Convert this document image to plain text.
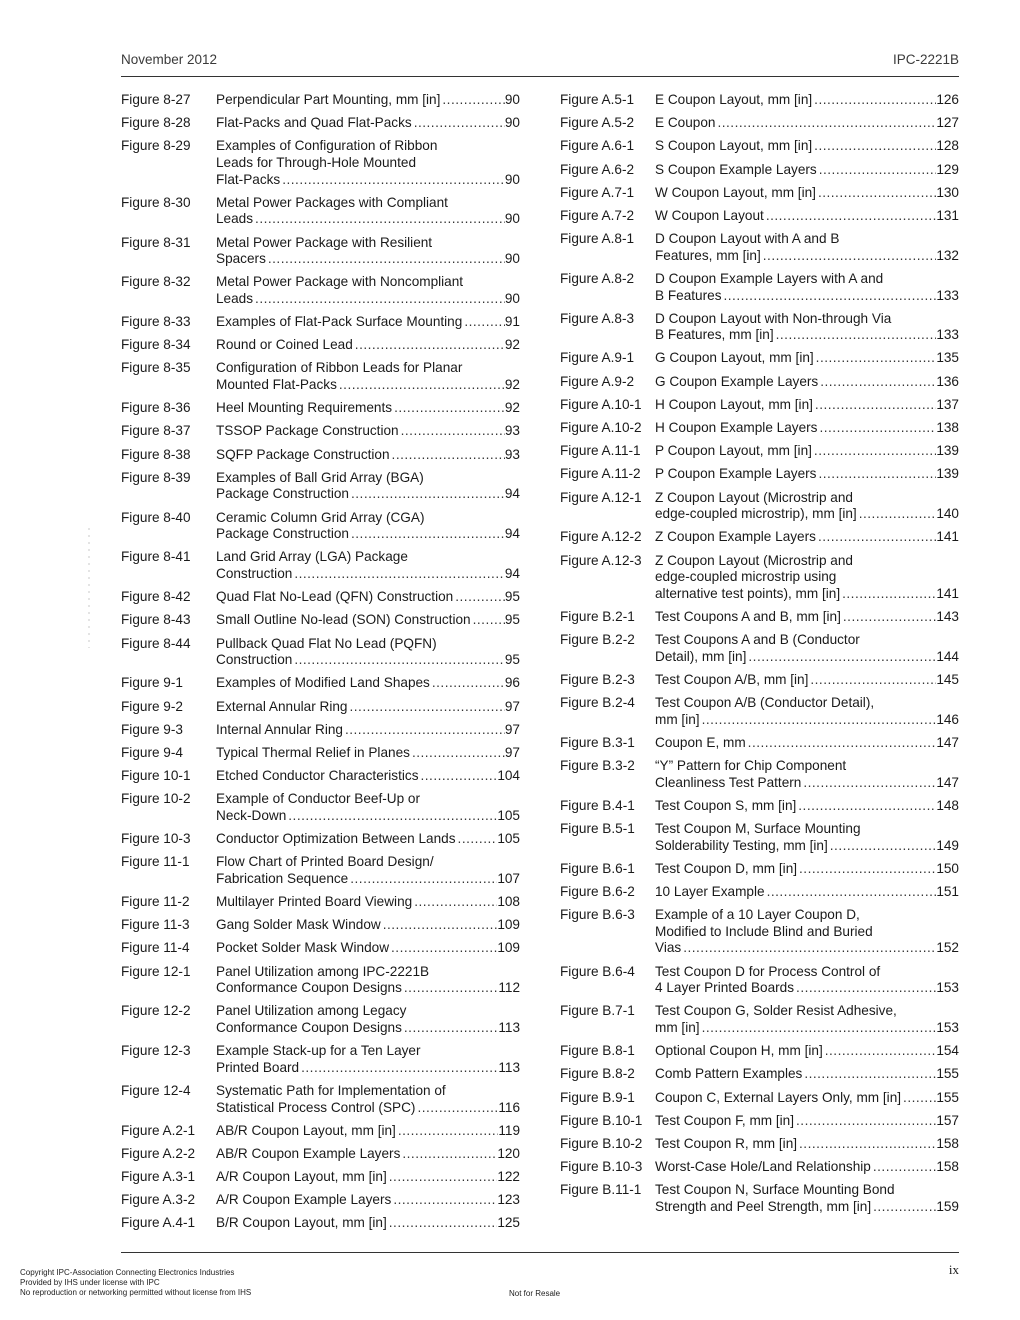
November 2012	IPC-2221B
Figure 8-27	Perpendicular Part Mounting, mm [in] .....	90
Figure 8-28	Flat-Packs and Quad Flat-Packs .....	90
Figure 8-29	Examples of Configuration of Ribbon
Leads for Through-Hole Mounted
Flat-Packs .....	90
Figure 8-30	Metal Power Packages with Compliant
Leads .....	90
Figure 8-31	Metal Power Package with Resilient
Spacers .....	90
Figure 8-32	Metal Power Package with Noncompliant
Leads .....	90
Figure 8-33	Examples of Flat-Pack Surface Mounting .....	91
Figure 8-34	Round or Coined Lead .....	92
Figure 8-35	Configuration of Ribbon Leads for Planar
Mounted Flat-Packs .....	92
Figure 8-36	Heel Mounting Requirements .....	92
Figure 8-37	TSSOP Package Construction .....	93
Figure 8-38	SQFP Package Construction .....	93
Figure 8-39	Examples of Ball Grid Array (BGA)
Package Construction .....	94
Figure 8-40	Ceramic Column Grid Array (CGA)
Package Construction .....	94
Figure 8-41	Land Grid Array (LGA) Package
Construction .....	94
Figure 8-42	Quad Flat No-Lead (QFN) Construction .....	95
Figure 8-43	Small Outline No-lead (SON) Construction .....	95
Figure 8-44	Pullback Quad Flat No Lead (PQFN)
Construction .....	95
Figure 9-1	Examples of Modified Land Shapes .....	96
Figure 9-2	External Annular Ring .....	97
Figure 9-3	Internal Annular Ring .....	97
Figure 9-4	Typical Thermal Relief in Planes .....	97
Figure 10-1	Etched Conductor Characteristics .....	104
Figure 10-2	Example of Conductor Beef-Up or
Neck-Down .....	105
Figure 10-3	Conductor Optimization Between Lands .....	105
Figure 11-1	Flow Chart of Printed Board Design/
Fabrication Sequence .....	107
Figure 11-2	Multilayer Printed Board Viewing .....	108
Figure 11-3	Gang Solder Mask Window .....	109
Figure 11-4	Pocket Solder Mask Window .....	109
Figure 12-1	Panel Utilization among IPC-2221B
Conformance Coupon Designs .....	112
Figure 12-2	Panel Utilization among Legacy
Conformance Coupon Designs .....	113
Figure 12-3	Example Stack-up for a Ten Layer
Printed Board .....	113
Figure 12-4	Systematic Path for Implementation of
Statistical Process Control (SPC) .....	116
Figure A.2-1	AB/R Coupon Layout, mm [in] .....	119
Figure A.2-2	AB/R Coupon Example Layers .....	120
Figure A.3-1	A/R Coupon Layout, mm [in] .....	122
Figure A.3-2	A/R Coupon Example Layers .....	123
Figure A.4-1	B/R Coupon Layout, mm [in] .....	125
Figure A.5-1	E Coupon Layout, mm [in] .....	126
Figure A.5-2	E Coupon .....	127
Figure A.6-1	S Coupon Layout, mm [in] .....	128
Figure A.6-2	S Coupon Example Layers .....	129
Figure A.7-1	W Coupon Layout, mm [in] .....	130
Figure A.7-2	W Coupon Layout .....	131
Figure A.8-1	D Coupon Layout with A and B
Features, mm [in] .....	132
Figure A.8-2	D Coupon Example Layers with A and
B Features .....	133
Figure A.8-3	D Coupon Layout with Non-through Via
B Features, mm [in] .....	133
Figure A.9-1	G Coupon Layout, mm [in] .....	135
Figure A.9-2	G Coupon Example Layers .....	136
Figure A.10-1 H Coupon Layout, mm [in] .....	137
Figure A.10-2 H Coupon Example Layers .....	138
Figure A.11-1	P Coupon Layout, mm [in] .....	139
Figure A.11-2	P Coupon Example Layers .....	139
Figure A.12-1 Z Coupon Layout (Microstrip and
edge-coupled microstrip), mm [in] .....	140
Figure A.12-2 Z Coupon Example Layers .....	141
Figure A.12-3 Z Coupon Layout (Microstrip and
edge-coupled microstrip using
alternative test points), mm [in] .....	141
Figure B.2-1	Test Coupons A and B, mm [in] .....	143
Figure B.2-2	Test Coupons A and B (Conductor
Detail), mm [in] .....	144
Figure B.2-3	Test Coupon A/B, mm [in] .....	145
Figure B.2-4	Test Coupon A/B (Conductor Detail),
mm [in] .....	146
Figure B.3-1	Coupon E, mm .....	147
Figure B.3-2	“Y” Pattern for Chip Component
Cleanliness Test Pattern .....	147
Figure B.4-1	Test Coupon S, mm [in] .....	148
Figure B.5-1	Test Coupon M, Surface Mounting
Solderability Testing, mm [in] .....	149
Figure B.6-1	Test Coupon D, mm [in] .....	150
Figure B.6-2	10 Layer Example .....	151
Figure B.6-3	Example of a 10 Layer Coupon D,
Modified to Include Blind and Buried
Vias .....	152
Figure B.6-4	Test Coupon D for Process Control of
4 Layer Printed Boards .....	153
Figure B.7-1	Test Coupon G, Solder Resist Adhesive,
mm [in] .....	153
Figure B.8-1	Optional Coupon H, mm [in] .....	154
Figure B.8-2	Comb Pattern Examples .....	155
Figure B.9-1	Coupon C, External Layers Only, mm [in] .....	155
Figure B.10-1 Test Coupon F, mm [in] .....	157
Figure B.10-2 Test Coupon R, mm [in] .....	158
Figure B.10-3 Worst-Case Hole/Land Relationship .....	158
Figure B.11-1	Test Coupon N, Surface Mounting Bond
Strength and Peel Strength, mm [in] .....	159
ix
Copyright IPC-Association Connecting Electronics Industries
Provided by IHS under license with IPC
No reproduction or networking permitted without license from IHS	Not for Resale
